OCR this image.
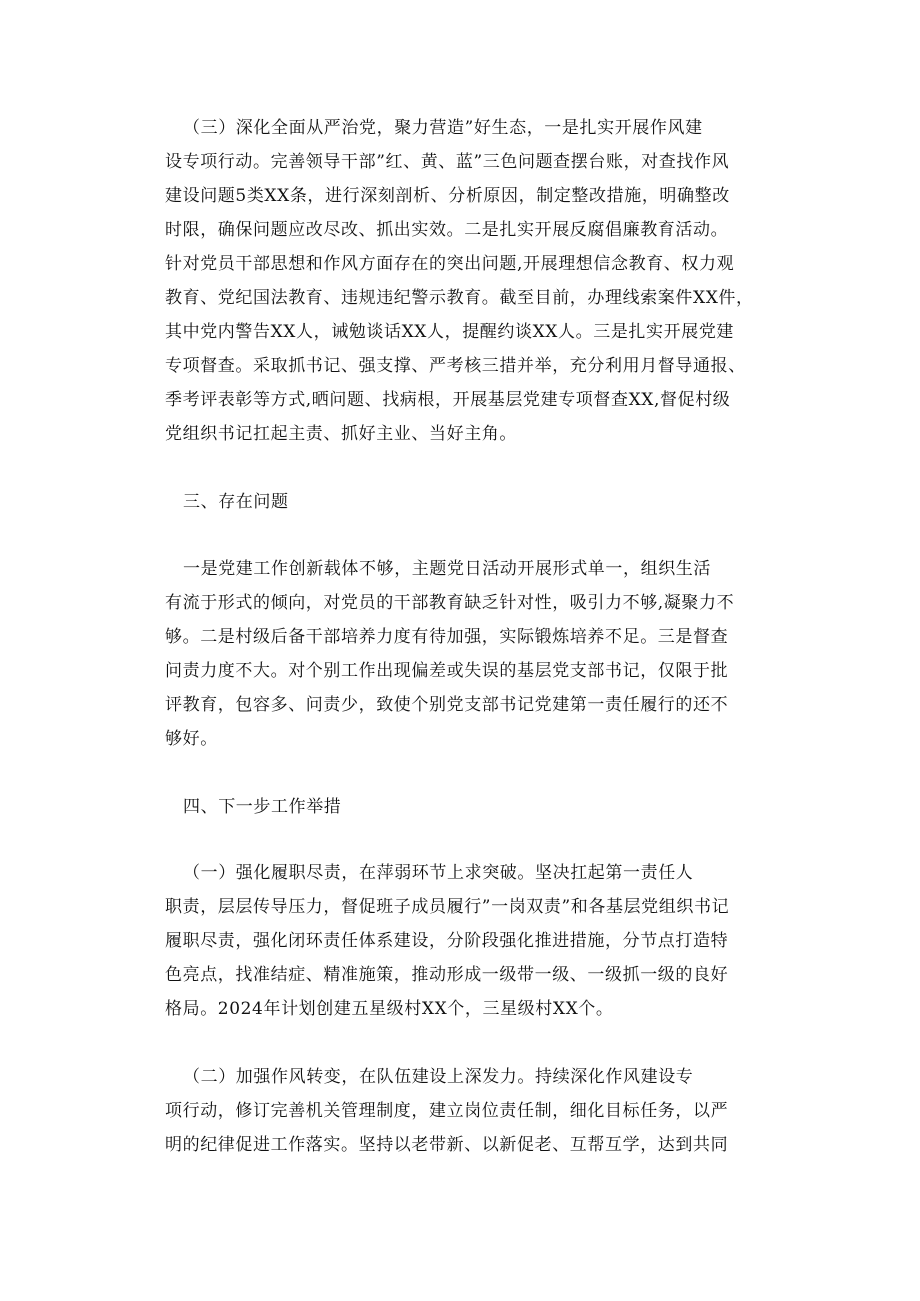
（三）深化全面从严治党，聚力营造”好生态，一是扎实开展作风建
设专项行动。完善领导干部”红、黄、蓝”三色问题查摆台账，对查找作风
建设问题5类XX条，进行深刻剖析、分析原因，制定整改措施，明确整改
时限，确保问题应改尽改、抓出实效。二是扎实开展反腐倡廉教育活动。
针对党员干部思想和作风方面存在的突出问题,开展理想信念教育、权力观
教育、党纪国法教育、违规违纪警示教育。截至目前，办理线索案件XX件，
其中党内警告XX人，诫勉谈话XX人，提醒约谈XX人。三是扎实开展党建
专项督查。采取抓书记、强支撑、严考核三措并举，充分利用月督导通报、
季考评表彰等方式,晒问题、找病根，开展基层党建专项督查XX,督促村级
党组织书记扛起主责、抓好主业、当好主角。
三、存在问题
一是党建工作创新载体不够，主题党日活动开展形式单一，组织生活
有流于形式的倾向，对党员的干部教育缺乏针对性，吸引力不够,凝聚力不
够。二是村级后备干部培养力度有待加强，实际锻炼培养不足。三是督查
问责力度不大。对个别工作出现偏差或失误的基层党支部书记，仅限于批
评教育，包容多、问责少，致使个别党支部书记党建第一责任履行的还不
够好。
四、下一步工作举措
（一）强化履职尽责，在萍弱环节上求突破。坚决扛起第一责任人
职责，层层传导压力，督促班子成员履行”一岗双责”和各基层党组织书记
履职尽责，强化闭环责任体系建设，分阶段强化推进措施，分节点打造特
色亮点，找准结症、精准施策，推动形成一级带一级、一级抓一级的良好
格局。2024年计划创建五星级村XX个，三星级村XX个。
（二）加强作风转变，在队伍建设上深发力。持续深化作风建设专
项行动，修订完善机关管理制度，建立岗位责任制，细化目标任务，以严
明的纪律促进工作落实。坚持以老带新、以新促老、互帮互学，达到共同
